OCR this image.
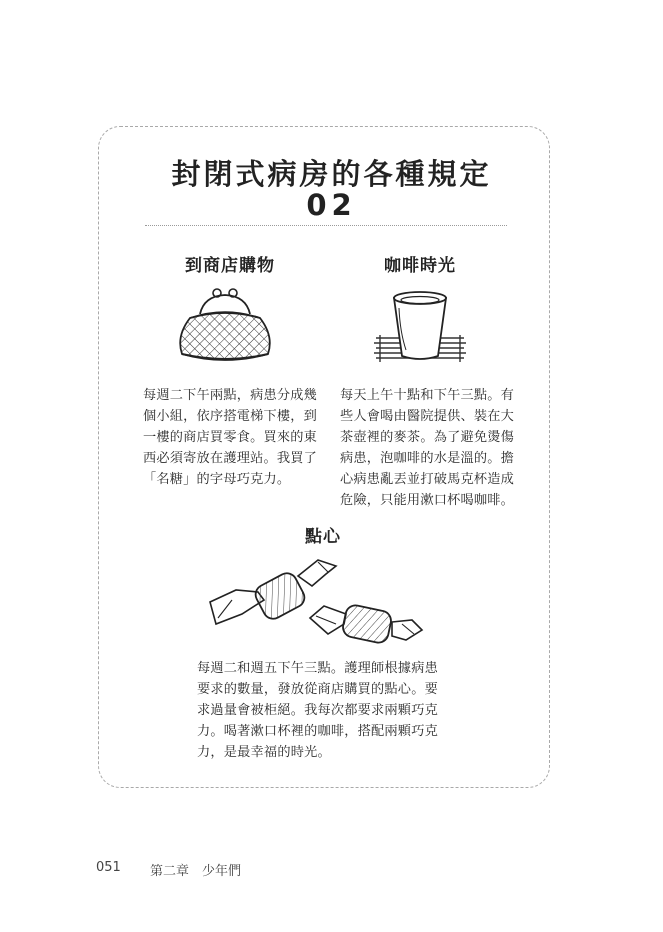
封閉式病房的各種規定
02
到商店購物
每週二下午兩點，病患分成幾
個小組，依序搭電梯下樓，到
一樓的商店買零食。買來的東
西必須寄放在護理站。我買了
「名糖」的字母巧克力。
咖啡時光
每天上午十點和下午三點。有
些人會喝由醫院提供、裝在大
茶壺裡的麥茶。為了避免燙傷
病患，泡咖啡的水是溫的。擔
心病患亂丟並打破馬克杯造成
危險，只能用漱口杯喝咖啡。
點心
每週二和週五下午三點。護理師根據病患
要求的數量，發放從商店購買的點心。要
求過量會被柜絕。我每次都要求兩顆巧克
力。喝著漱口杯裡的咖啡，搭配兩顆巧克
力，是最幸福的時光。
051 第二章　少年們
